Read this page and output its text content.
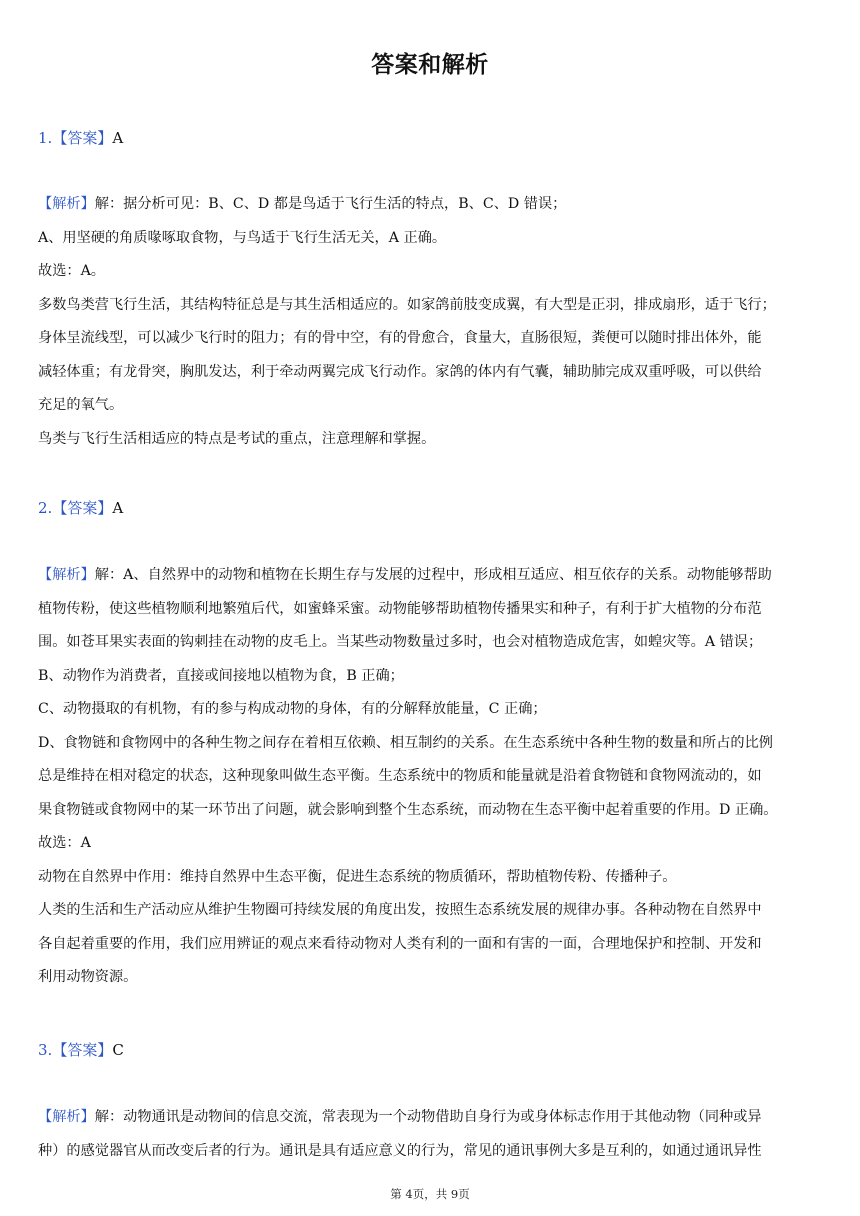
答案和解析
1.【答案】A
【解析】解：据分析可见：B、C、D 都是鸟适于飞行生活的特点，B、C、D 错误；
A、用坚硬的角质喙啄取食物，与鸟适于飞行生活无关，A 正确。
故选：A。
多数鸟类营飞行生活，其结构特征总是与其生活相适应的。如家鸽前肢变成翼，有大型是正羽，排成扇形，适于飞行；
身体呈流线型，可以减少飞行时的阻力；有的骨中空，有的骨愈合，食量大，直肠很短，粪便可以随时排出体外，能
减轻体重；有龙骨突，胸肌发达，利于牵动两翼完成飞行动作。家鸽的体内有气囊，辅助肺完成双重呼吸，可以供给
充足的氧气。
鸟类与飞行生活相适应的特点是考试的重点，注意理解和掌握。
2.【答案】A
【解析】解：A、自然界中的动物和植物在长期生存与发展的过程中，形成相互适应、相互依存的关系。动物能够帮助
植物传粉，使这些植物顺利地繁殖后代，如蜜蜂采蜜。动物能够帮助植物传播果实和种子，有利于扩大植物的分布范
围。如苍耳果实表面的钩刺挂在动物的皮毛上。当某些动物数量过多时，也会对植物造成危害，如蝗灾等。A 错误；
B、动物作为消费者，直接或间接地以植物为食，B 正确；
C、动物摄取的有机物，有的参与构成动物的身体，有的分解释放能量，C 正确；
D、食物链和食物网中的各种生物之间存在着相互依赖、相互制约的关系。在生态系统中各种生物的数量和所占的比例
总是维持在相对稳定的状态，这种现象叫做生态平衡。生态系统中的物质和能量就是沿着食物链和食物网流动的，如
果食物链或食物网中的某一环节出了问题，就会影响到整个生态系统，而动物在生态平衡中起着重要的作用。D 正确。
故选：A
动物在自然界中作用：维持自然界中生态平衡，促进生态系统的物质循环，帮助植物传粉、传播种子。
人类的生活和生产活动应从维护生物圈可持续发展的角度出发，按照生态系统发展的规律办事。各种动物在自然界中
各自起着重要的作用，我们应用辨证的观点来看待动物对人类有利的一面和有害的一面，合理地保护和控制、开发和
利用动物资源。
3.【答案】C
【解析】解：动物通讯是动物间的信息交流，常表现为一个动物借助自身行为或身体标志作用于其他动物（同种或异
种）的感觉器官从而改变后者的行为。通讯是具有适应意义的行为，常见的通讯事例大多是互利的，如通过通讯异性
第 4页，共 9页
